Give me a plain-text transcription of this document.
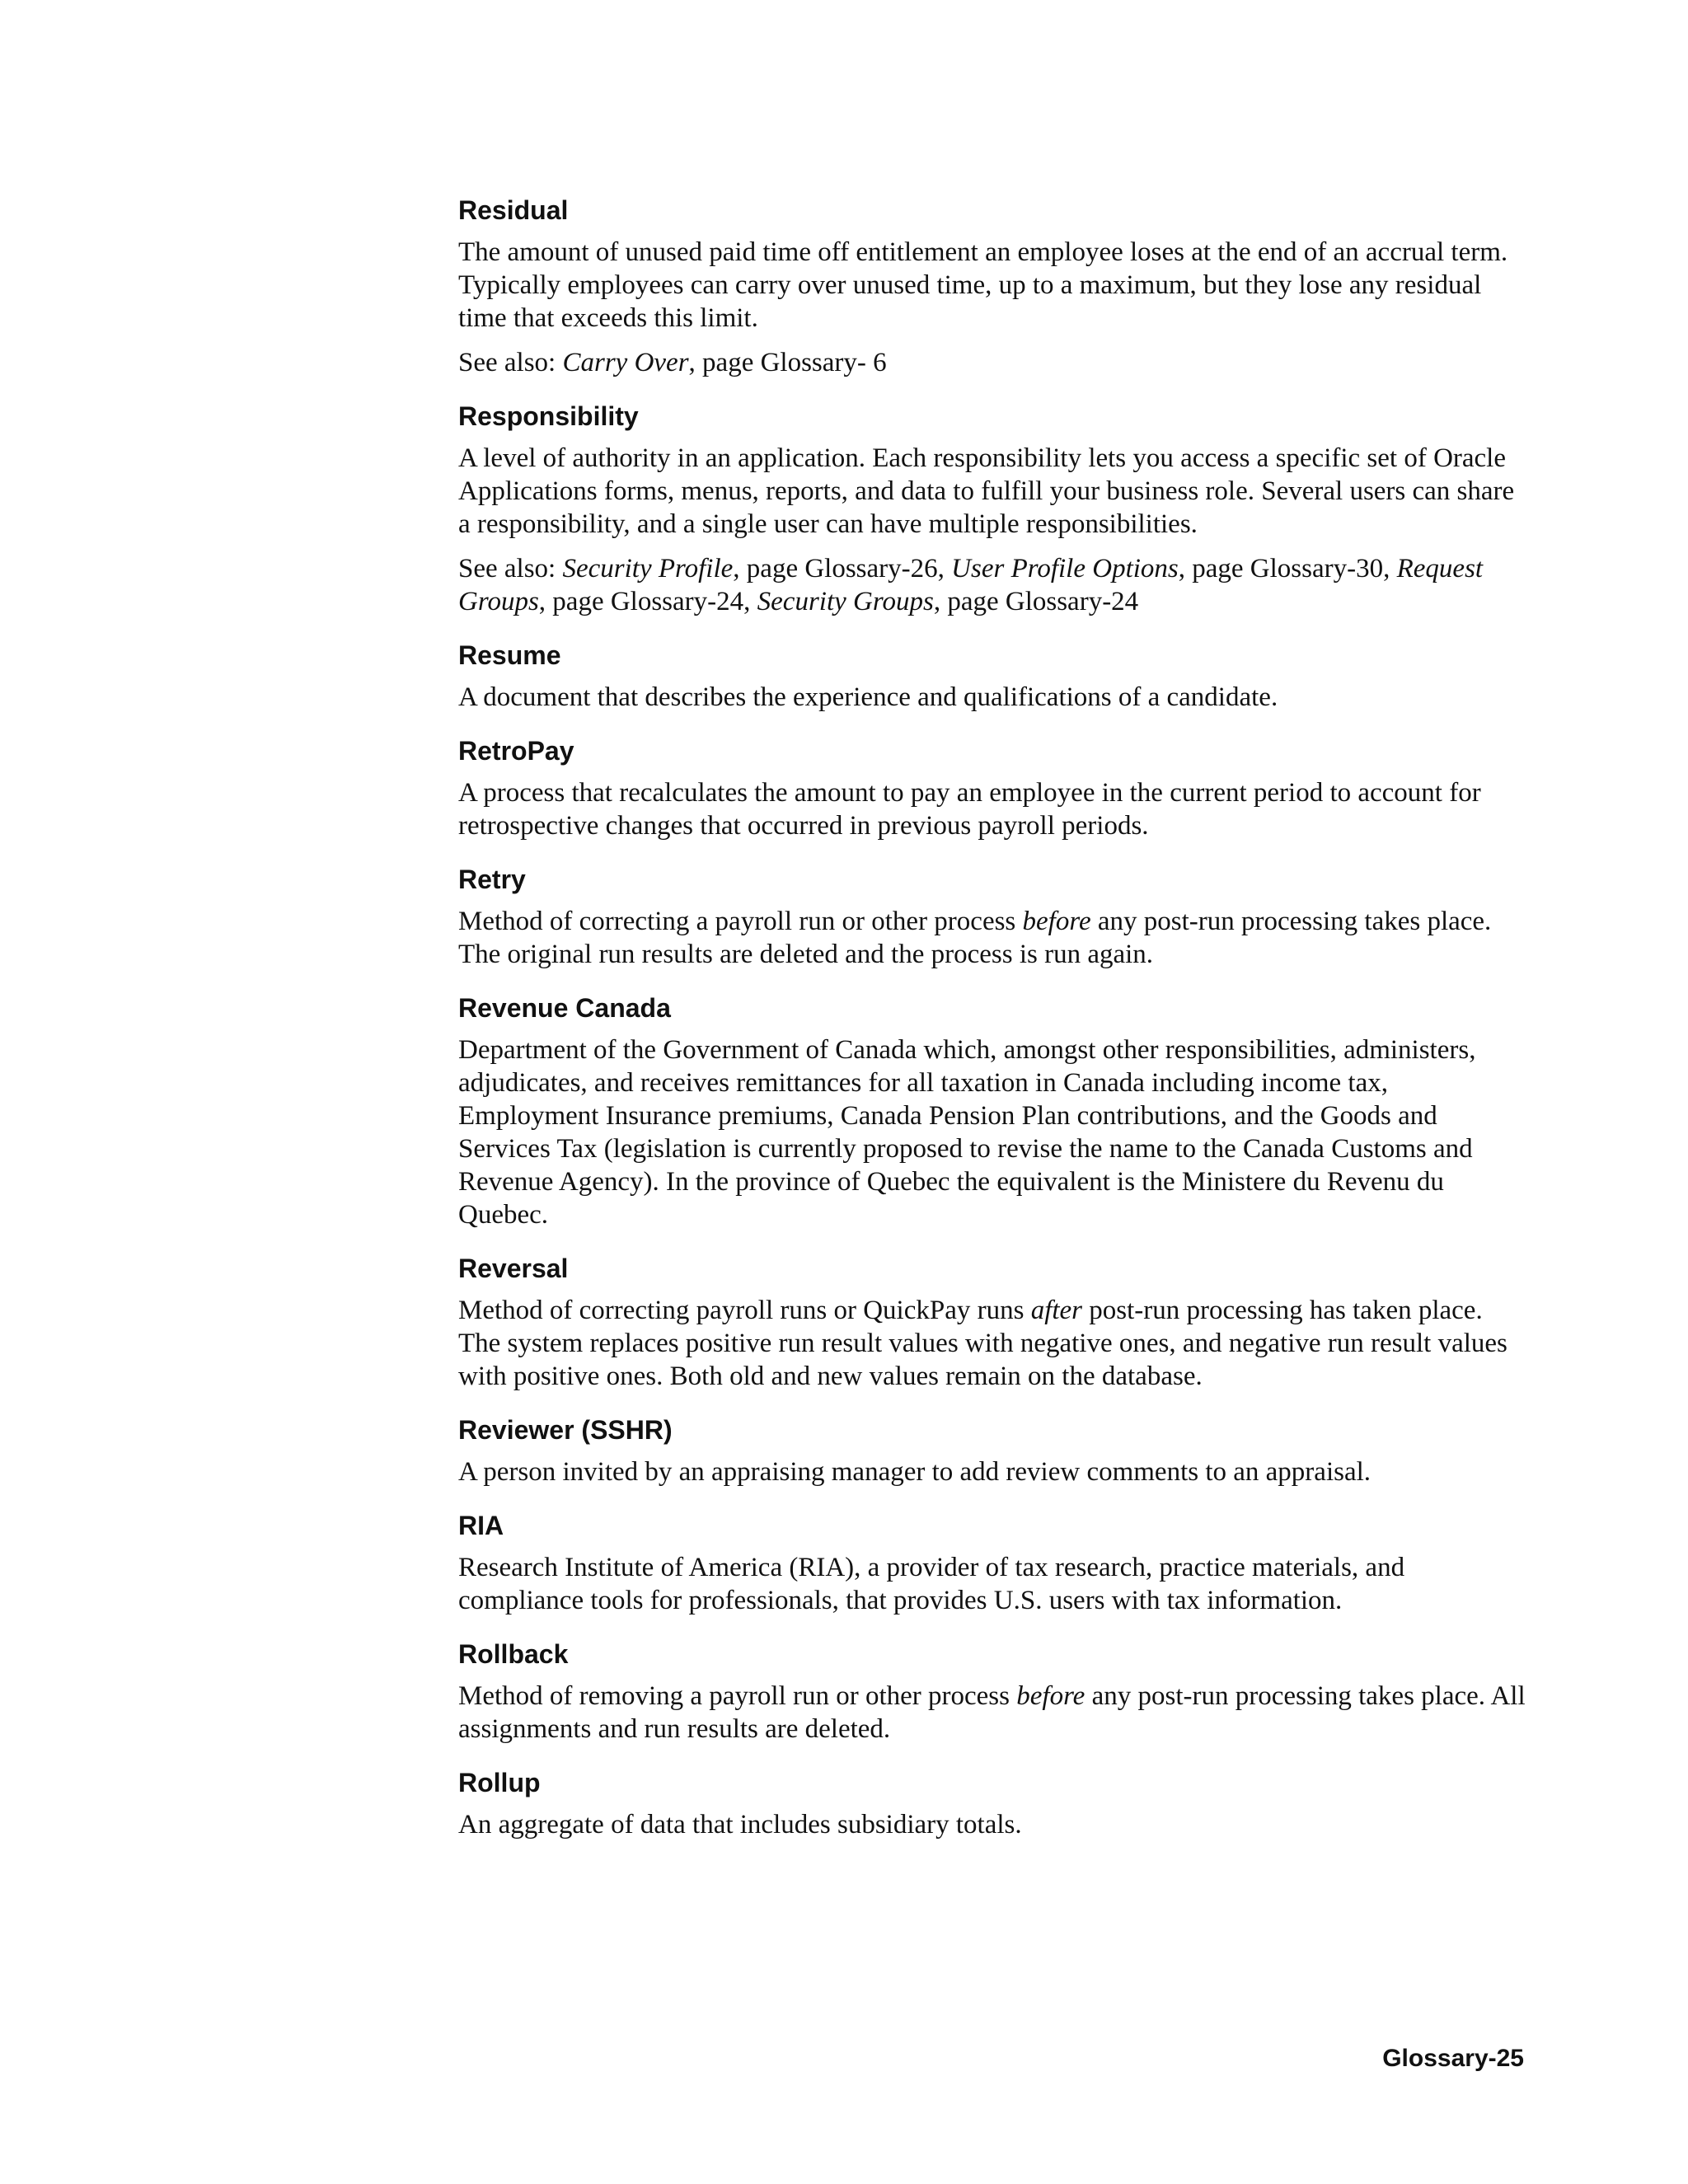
Residual

The amount of unused paid time off entitlement an employee loses at the end of an accrual term. Typically employees can carry over unused time, up to a maximum, but they lose any residual time that exceeds this limit.

See also: Carry Over, page Glossary- 6

Responsibility

A level of authority in an application. Each responsibility lets you access a specific set of Oracle Applications forms, menus, reports, and data to fulfill your business role. Several users can share a responsibility, and a single user can have multiple responsibilities.

See also: Security Profile, page Glossary-26, User Profile Options, page Glossary-30, Request Groups, page Glossary-24, Security Groups, page Glossary-24

Resume

A document that describes the experience and qualifications of a candidate.

RetroPay

A process that recalculates the amount to pay an employee in the current period to account for retrospective changes that occurred in previous payroll periods.

Retry

Method of correcting a payroll run or other process before any post-run processing takes place. The original run results are deleted and the process is run again.

Revenue Canada

Department of the Government of Canada which, amongst other responsibilities, administers, adjudicates, and receives remittances for all taxation in Canada including income tax, Employment Insurance premiums, Canada Pension Plan contributions, and the Goods and Services Tax (legislation is currently proposed to revise the name to the Canada Customs and Revenue Agency). In the province of Quebec the equivalent is the Ministere du Revenu du Quebec.

Reversal

Method of correcting payroll runs or QuickPay runs after post-run processing has taken place. The system replaces positive run result values with negative ones, and negative run result values with positive ones. Both old and new values remain on the database.

Reviewer (SSHR)

A person invited by an appraising manager to add review comments to an appraisal.

RIA

Research Institute of America (RIA), a provider of tax research, practice materials, and compliance tools for professionals, that provides U.S. users with tax information.

Rollback

Method of removing a payroll run or other process before any post-run processing takes place. All assignments and run results are deleted.

Rollup

An aggregate of data that includes subsidiary totals.

Glossary-25
